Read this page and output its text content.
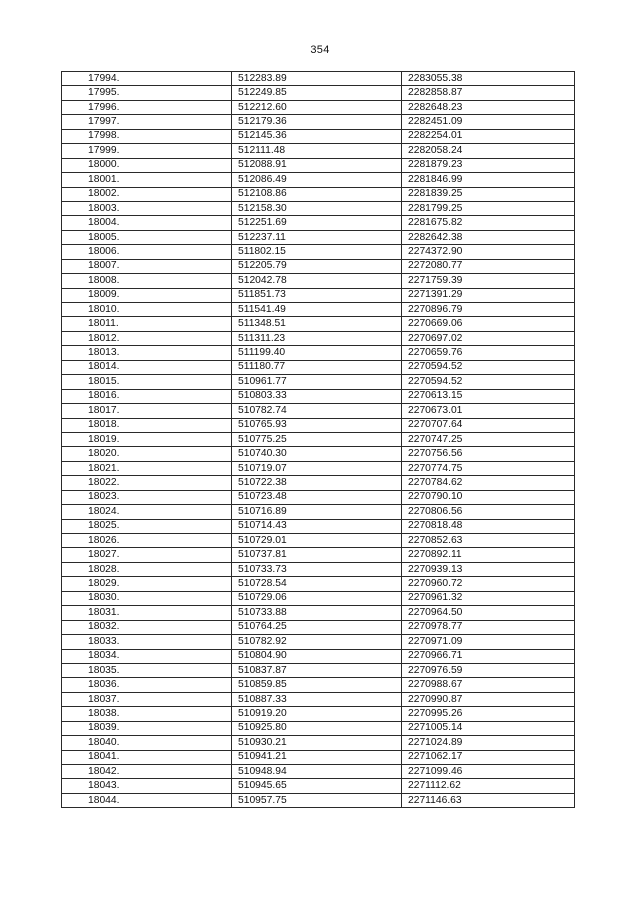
354
17994.	512283.89	2283055.38
17995.	512249.85	2282858.87
17996.	512212.60	2282648.23
17997.	512179.36	2282451.09
17998.	512145.36	2282254.01
17999.	512111.48	2282058.24
18000.	512088.91	2281879.23
18001.	512086.49	2281846.99
18002.	512108.86	2281839.25
18003.	512158.30	2281799.25
18004.	512251.69	2281675.82
18005.	512237.11	2282642.38
18006.	511802.15	2274372.90
18007.	512205.79	2272080.77
18008.	512042.78	2271759.39
18009.	511851.73	2271391.29
18010.	511541.49	2270896.79
18011.	511348.51	2270669.06
18012.	511311.23	2270697.02
18013.	511199.40	2270659.76
18014.	511180.77	2270594.52
18015.	510961.77	2270594.52
18016.	510803.33	2270613.15
18017.	510782.74	2270673.01
18018.	510765.93	2270707.64
18019.	510775.25	2270747.25
18020.	510740.30	2270756.56
18021.	510719.07	2270774.75
18022.	510722.38	2270784.62
18023.	510723.48	2270790.10
18024.	510716.89	2270806.56
18025.	510714.43	2270818.48
18026.	510729.01	2270852.63
18027.	510737.81	2270892.11
18028.	510733.73	2270939.13
18029.	510728.54	2270960.72
18030.	510729.06	2270961.32
18031.	510733.88	2270964.50
18032.	510764.25	2270978.77
18033.	510782.92	2270971.09
18034.	510804.90	2270966.71
18035.	510837.87	2270976.59
18036.	510859.85	2270988.67
18037.	510887.33	2270990.87
18038.	510919.20	2270995.26
18039.	510925.80	2271005.14
18040.	510930.21	2271024.89
18041.	510941.21	2271062.17
18042.	510948.94	2271099.46
18043.	510945.65	2271112.62
18044.	510957.75	2271146.63
